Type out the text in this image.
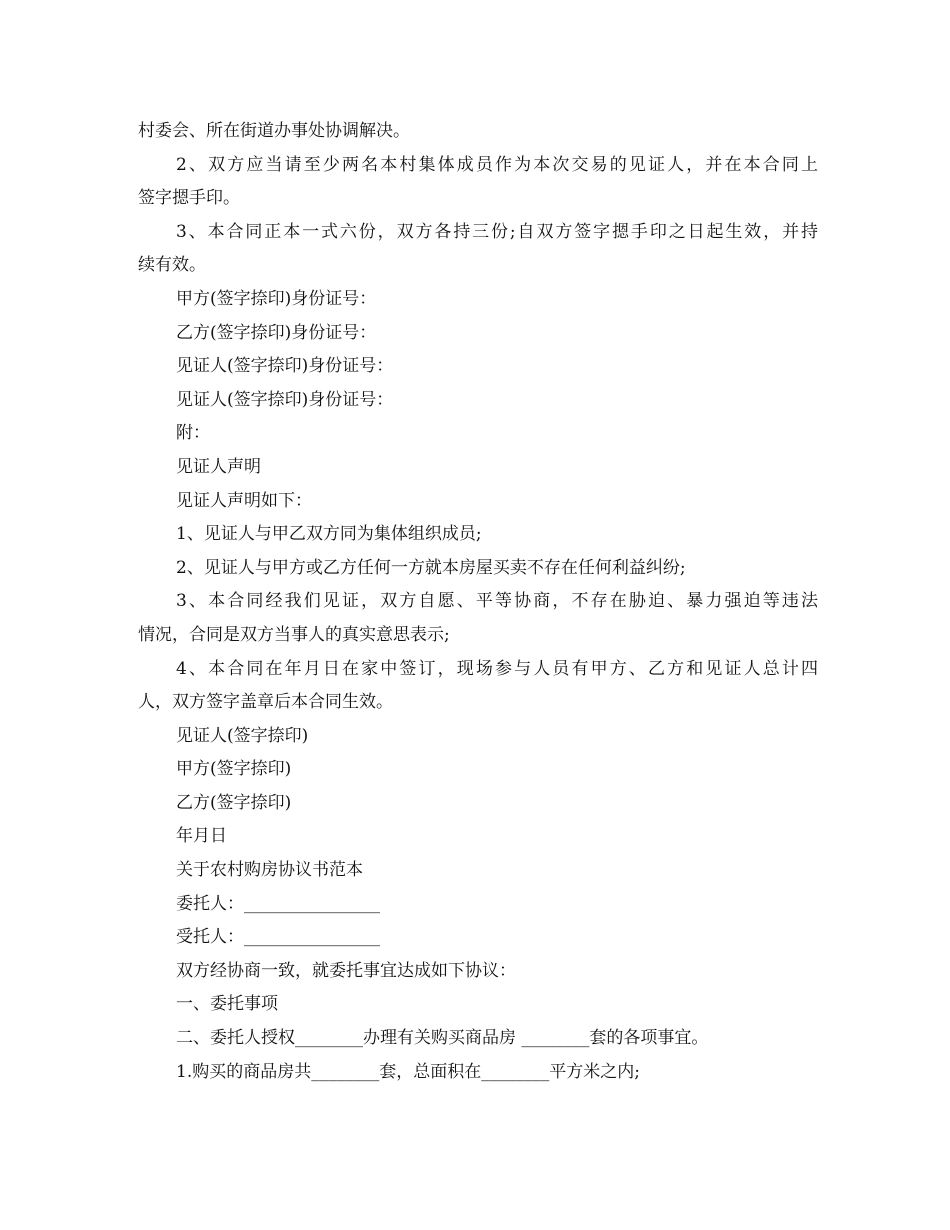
村委会、所在街道办事处协调解决。
2、双方应当请至少两名本村集体成员作为本次交易的见证人，并在本合同上
签字摁手印。
3、本合同正本一式六份，双方各持三份;自双方签字摁手印之日起生效，并持
续有效。
甲方(签字捺印)身份证号：
乙方(签字捺印)身份证号：
见证人(签字捺印)身份证号：
见证人(签字捺印)身份证号：
附：
见证人声明
见证人声明如下：
1、见证人与甲乙双方同为集体组织成员;
2、见证人与甲方或乙方任何一方就本房屋买卖不存在任何利益纠纷;
3、本合同经我们见证，双方自愿、平等协商，不存在胁迫、暴力强迫等违法
情况，合同是双方当事人的真实意思表示;
4、本合同在年月日在家中签订，现场参与人员有甲方、乙方和见证人总计四
人，双方签字盖章后本合同生效。
见证人(签字捺印)
甲方(签字捺印)
乙方(签字捺印)
年月日
关于农村购房协议书范本
委托人：________________
受托人：________________
双方经协商一致，就委托事宜达成如下协议：
一、委托事项
二、委托人授权________办理有关购买商品房 ________套的各项事宜。
1.购买的商品房共________套，总面积在________平方米之内;
